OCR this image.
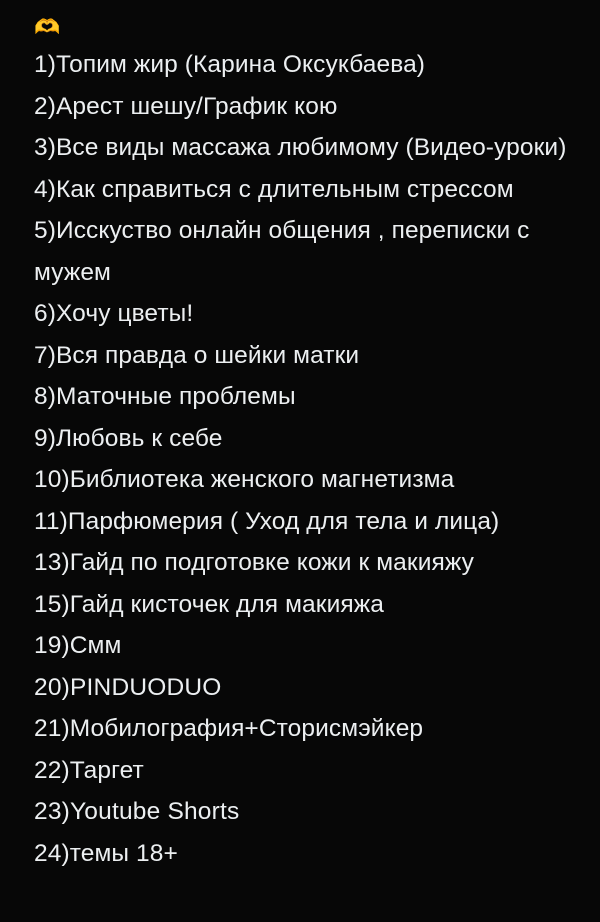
🫶
1)Топим жир (Карина Оксукбаева)
2)Арест шешу/График кою
3)Все виды массажа любимому (Видео-уроки)
4)Как справиться с длительным стрессом
5)Исскуство онлайн общения , переписки с мужем
6)Хочу цветы!
7)Вся правда о шейки матки
8)Маточные проблемы
9)Любовь к себе
10)Библиотека женского магнетизма
11)Парфюмерия ( Уход для тела и лица)
13)Гайд по подготовке кожи к макияжу
15)Гайд кисточек для макияжа
19)Смм
20)PINDUODUO
21)Мобилография+Сторисмэйкер
22)Таргет
23)Youtube Shorts
24)темы 18+
